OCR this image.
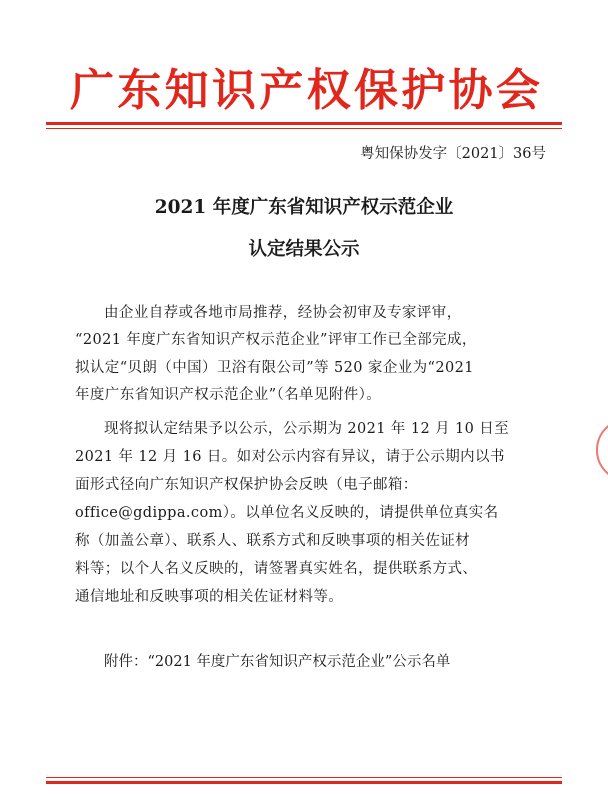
广 东 知 识 产 权 保 护 协 会
粤知保协发字〔2021〕36号
2021 年度广东省知识产权示范企业
认定结果公示
由企业自荐或各地市局推荐，经协会初审及专家评审，
“2021 年度广东省知识产权示范企业”评审工作已全部完成，
拟认定“贝朗（中国）卫浴有限公司”等 520 家企业为“2021
年度广东省知识产权示范企业”（名单见附件）。
现将拟认定结果予以公示，公示期为 2021 年 12 月 10 日至
2021 年 12 月 16 日。如对公示内容有异议，请于公示期内以书
面形式径向广东知识产权保护协会反映（电子邮箱：
office@gdippa.com）。以单位名义反映的，请提供单位真实名
称（加盖公章）、联系人、联系方式和反映事项的相关佐证材
料等；以个人名义反映的，请签署真实姓名，提供联系方式、
通信地址和反映事项的相关佐证材料等。
附件：“2021 年度广东省知识产权示范企业”公示名单
